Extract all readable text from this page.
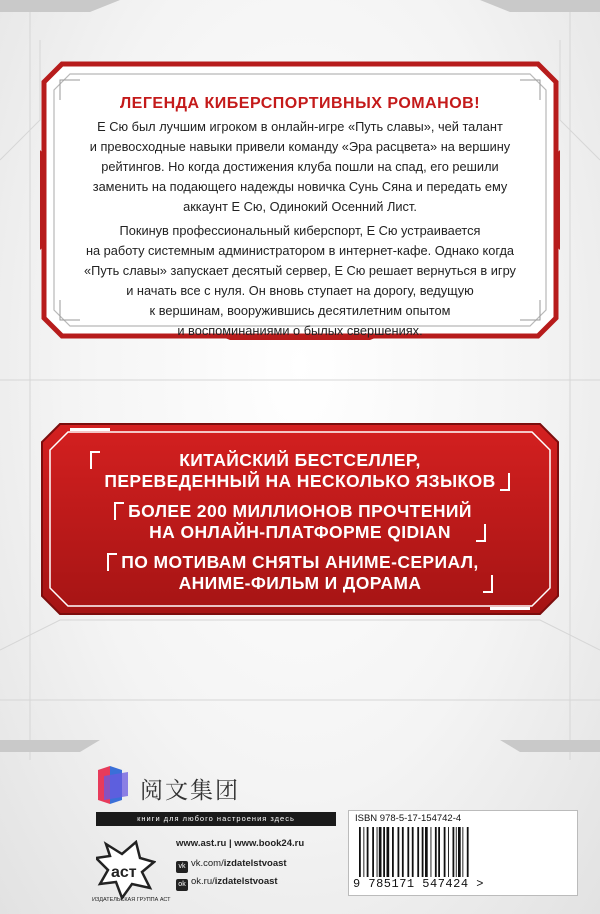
ЛЕГЕНДА КИБЕРСПОРТИВНЫХ РОМАНОВ!

Е Сю был лучшим игроком в онлайн-игре «Путь славы», чей талант
и превосходные навыки привели команду «Эра расцвета» на вершину
рейтингов. Но когда достижения клуба пошли на спад, его решили
заменить на подающего надежды новичка Сунь Сяна и передать ему
аккаунт Е Сю, Одинокий Осенний Лист.

Покинув профессиональный киберспорт, Е Сю устраивается
на работу системным администратором в интернет-кафе. Однако когда
«Путь славы» запускает десятый сервер, Е Сю решает вернуться в игру
и начать все с нуля. Он вновь ступает на дорогу, ведущую
к вершинам, вооружившись десятилетним опытом
и воспоминаниями о былых свершениях.

КИТАЙСКИЙ БЕСТСЕЛЛЕР,
ПЕРЕВЕДЕННЫЙ НА НЕСКОЛЬКО ЯЗЫКОВ
БОЛЕЕ 200 МИЛЛИОНОВ ПРОЧТЕНИЙ
НА ОНЛАЙН-ПЛАТФОРМЕ QIDIAN
ПО МОТИВАМ СНЯТЫ АНИМЕ-СЕРИАЛ,
АНИМЕ-ФИЛЬМ И ДОРАМА
阅文集团
книги для любого настроения здесь
аст
ИЗДАТЕЛЬСКАЯ ГРУППА АСТ
www.ast.ru | www.book24.ru
vk vk.com/izdatelstvoast
ok ok.ru/izdatelstvoast
ISBN 978-5-17-154742-4
9 785171 547424 >
